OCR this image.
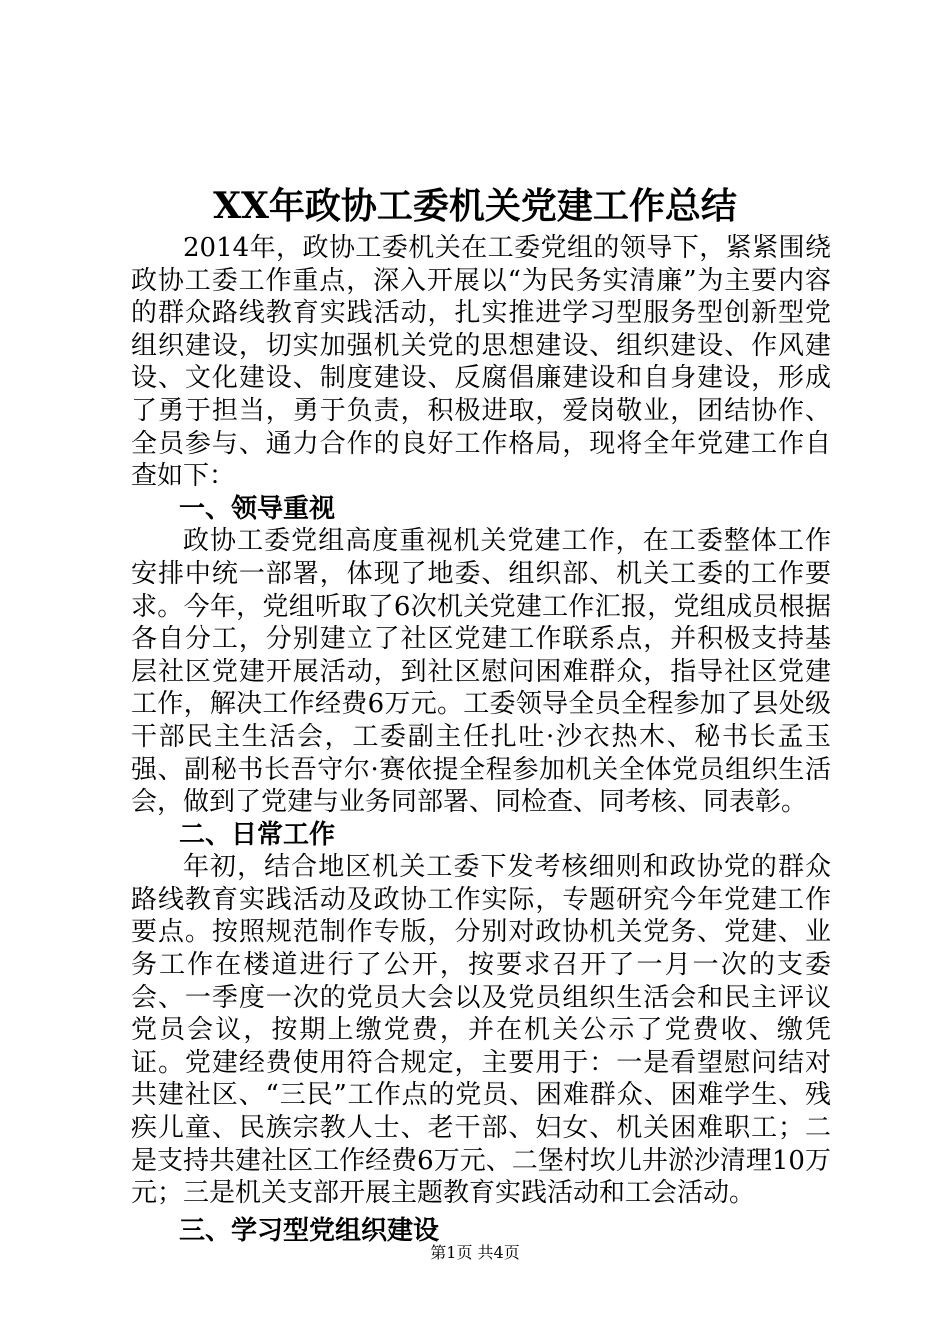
XX年政协工委机关党建工作总结

2014年，政协工委机关在工委党组的领导下，紧紧围绕政协工委工作重点，深入开展以“为民务实清廉”为主要内容的群众路线教育实践活动，扎实推进学习型服务型创新型党组织建设，切实加强机关党的思想建设、组织建设、作风建设、文化建设、制度建设、反腐倡廉建设和自身建设，形成了勇于担当，勇于负责，积极进取，爱岗敬业，团结协作、全员参与、通力合作的良好工作格局，现将全年党建工作自查如下：

一、领导重视

政协工委党组高度重视机关党建工作，在工委整体工作安排中统一部署，体现了地委、组织部、机关工委的工作要求。今年，党组听取了6次机关党建工作汇报，党组成员根据各自分工，分别建立了社区党建工作联系点，并积极支持基层社区党建开展活动，到社区慰问困难群众，指导社区党建工作，解决工作经费6万元。工委领导全员全程参加了县处级干部民主生活会，工委副主任扎吐·沙衣热木、秘书长孟玉强、副秘书长吾守尔·赛依提全程参加机关全体党员组织生活会，做到了党建与业务同部署、同检查、同考核、同表彰。

二、日常工作

年初，结合地区机关工委下发考核细则和政协党的群众路线教育实践活动及政协工作实际，专题研究今年党建工作要点。按照规范制作专版，分别对政协机关党务、党建、业务工作在楼道进行了公开，按要求召开了一月一次的支委会、一季度一次的党员大会以及党员组织生活会和民主评议党员会议，按期上缴党费，并在机关公示了党费收、缴凭证。党建经费使用符合规定，主要用于：一是看望慰问结对共建社区、“三民”工作点的党员、困难群众、困难学生、残疾儿童、民族宗教人士、老干部、妇女、机关困难职工；二是支持共建社区工作经费6万元、二堡村坎儿井淤沙清理10万元；三是机关支部开展主题教育实践活动和工会活动。

三、学习型党组织建设
第1页 共4页
